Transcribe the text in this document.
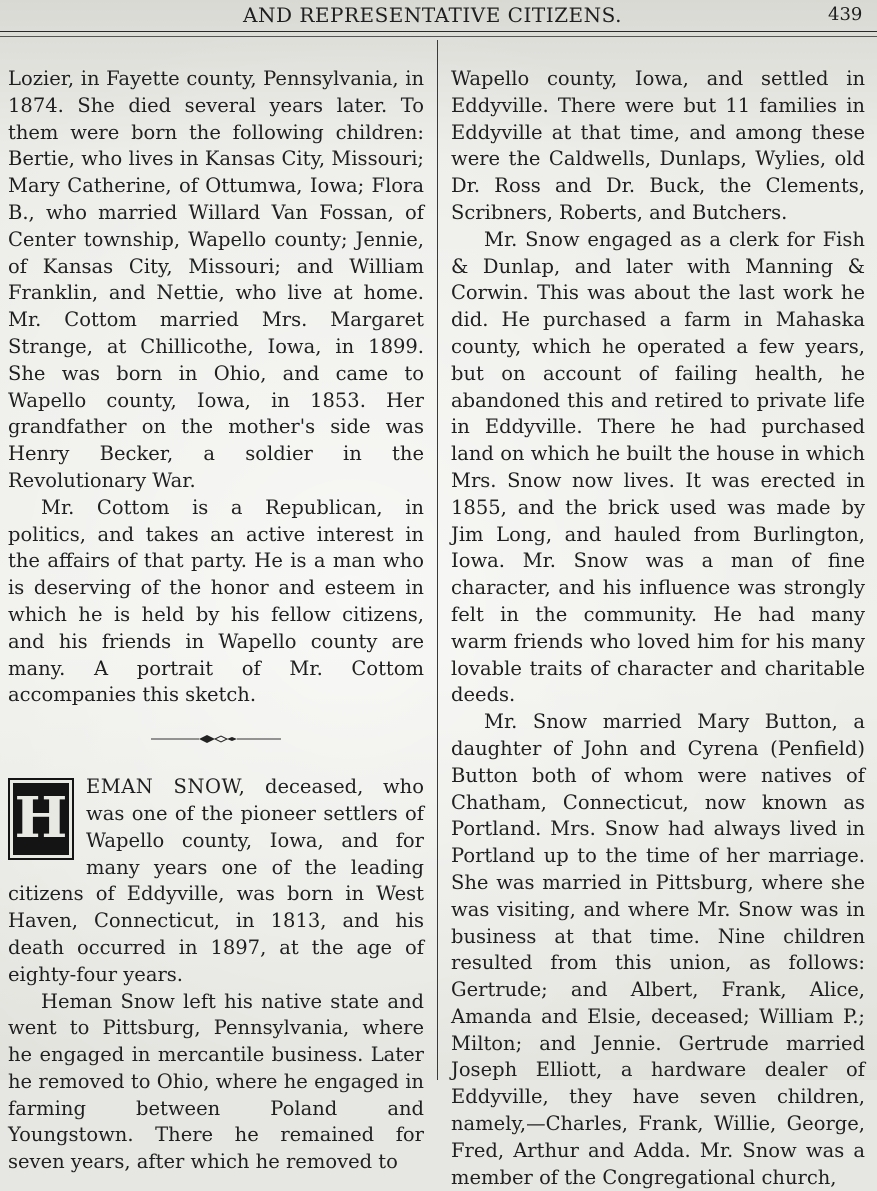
AND REPRESENTATIVE CITIZENS.	439

Lozier, in Fayette county, Pennsylvania, in 1874. She died several years later. To them were born the following children: Bertie, who lives in Kansas City, Missouri; Mary Catherine, of Ottumwa, Iowa; Flora B., who married Willard Van Fossan, of Center township, Wapello county; Jennie, of Kansas City, Missouri; and William Franklin, and Nettie, who live at home. Mr. Cottom married Mrs. Margaret Strange, at Chillicothe, Iowa, in 1899. She was born in Ohio, and came to Wapello county, Iowa, in 1853. Her grandfather on the mother's side was Henry Becker, a soldier in the Revolutionary War.

Mr. Cottom is a Republican, in politics, and takes an active interest in the affairs of that party. He is a man who is deserving of the honor and esteem in which he is held by his fellow citizens, and his friends in Wapello county are many. A portrait of Mr. Cottom accompanies this sketch.

H EMAN SNOW, deceased, who was one of the pioneer settlers of Wapello county, Iowa, and for many years one of the leading citizens of Eddyville, was born in West Haven, Connecticut, in 1813, and his death occurred in 1897, at the age of eighty-four years.

Heman Snow left his native state and went to Pittsburg, Pennsylvania, where he engaged in mercantile business. Later he removed to Ohio, where he engaged in farming between Poland and Youngstown. There he remained for seven years, after which he removed to

Wapello county, Iowa, and settled in Eddyville. There were but 11 families in Eddyville at that time, and among these were the Caldwells, Dunlaps, Wylies, old Dr. Ross and Dr. Buck, the Clements, Scribners, Roberts, and Butchers.

Mr. Snow engaged as a clerk for Fish & Dunlap, and later with Manning & Corwin. This was about the last work he did. He purchased a farm in Mahaska county, which he operated a few years, but on account of failing health, he abandoned this and retired to private life in Eddyville. There he had purchased land on which he built the house in which Mrs. Snow now lives. It was erected in 1855, and the brick used was made by Jim Long, and hauled from Burlington, Iowa. Mr. Snow was a man of fine character, and his influence was strongly felt in the community. He had many warm friends who loved him for his many lovable traits of character and charitable deeds.

Mr. Snow married Mary Button, a daughter of John and Cyrena (Penfield) Button both of whom were natives of Chatham, Connecticut, now known as Portland. Mrs. Snow had always lived in Portland up to the time of her marriage. She was married in Pittsburg, where she was visiting, and where Mr. Snow was in business at that time. Nine children resulted from this union, as follows: Gertrude; and Albert, Frank, Alice, Amanda and Elsie, deceased; William P.; Milton; and Jennie. Gertrude married Joseph Elliott, a hardware dealer of Eddyville, they have seven children, namely,—Charles, Frank, Willie, George, Fred, Arthur and Adda. Mr. Snow was a member of the Congregational church,
